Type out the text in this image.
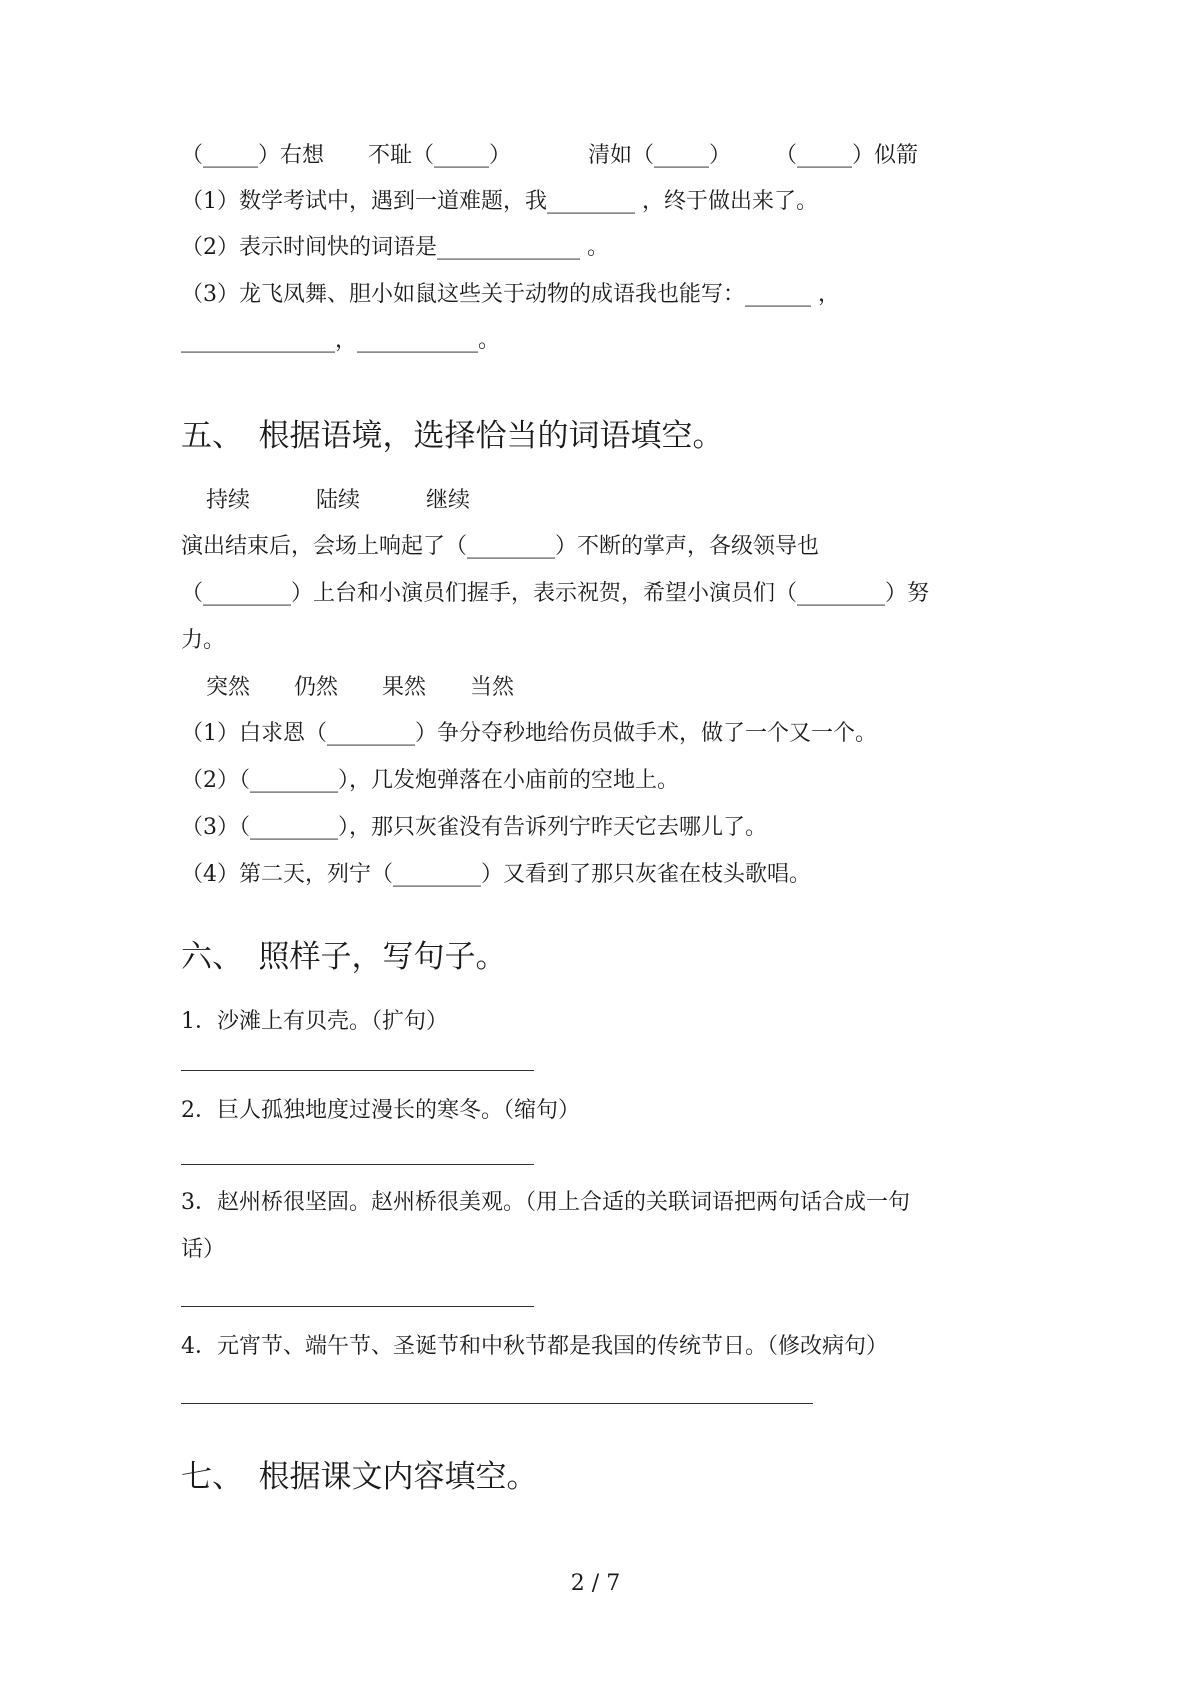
（_____）右想　　不耻（_____）　　　　清如（_____）　　　（_____）似箭
（1）数学考试中，遇到一道难题，我________ ，终于做出来了。
（2）表示时间快的词语是_____________ 。
（3）龙飞凤舞、胆小如鼠这些关于动物的成语我也能写：______ ，
______________，___________。
五、　根据语境，选择恰当的词语填空。
持续　　　陆续　　　继续
演出结束后，会场上响起了（________）不断的掌声，各级领导也
（________）上台和小演员们握手，表示祝贺，希望小演员们（________）努
力。
突然　　仍然　　果然　　当然
（1）白求恩（________）争分夺秒地给伤员做手术，做了一个又一个。
（2）（________），几发炮弹落在小庙前的空地上。
（3）（________），那只灰雀没有告诉列宁昨天它去哪儿了。
（4）第二天，列宁（________）又看到了那只灰雀在枝头歌唱。
六、　照样子，写句子。
1．沙滩上有贝壳。（扩句）
2．巨人孤独地度过漫长的寒冬。（缩句）
3．赵州桥很坚固。赵州桥很美观。（用上合适的关联词语把两句话合成一句
话）
4．元宵节、端午节、圣诞节和中秋节都是我国的传统节日。（修改病句）
七、　根据课文内容填空。
2 / 7
